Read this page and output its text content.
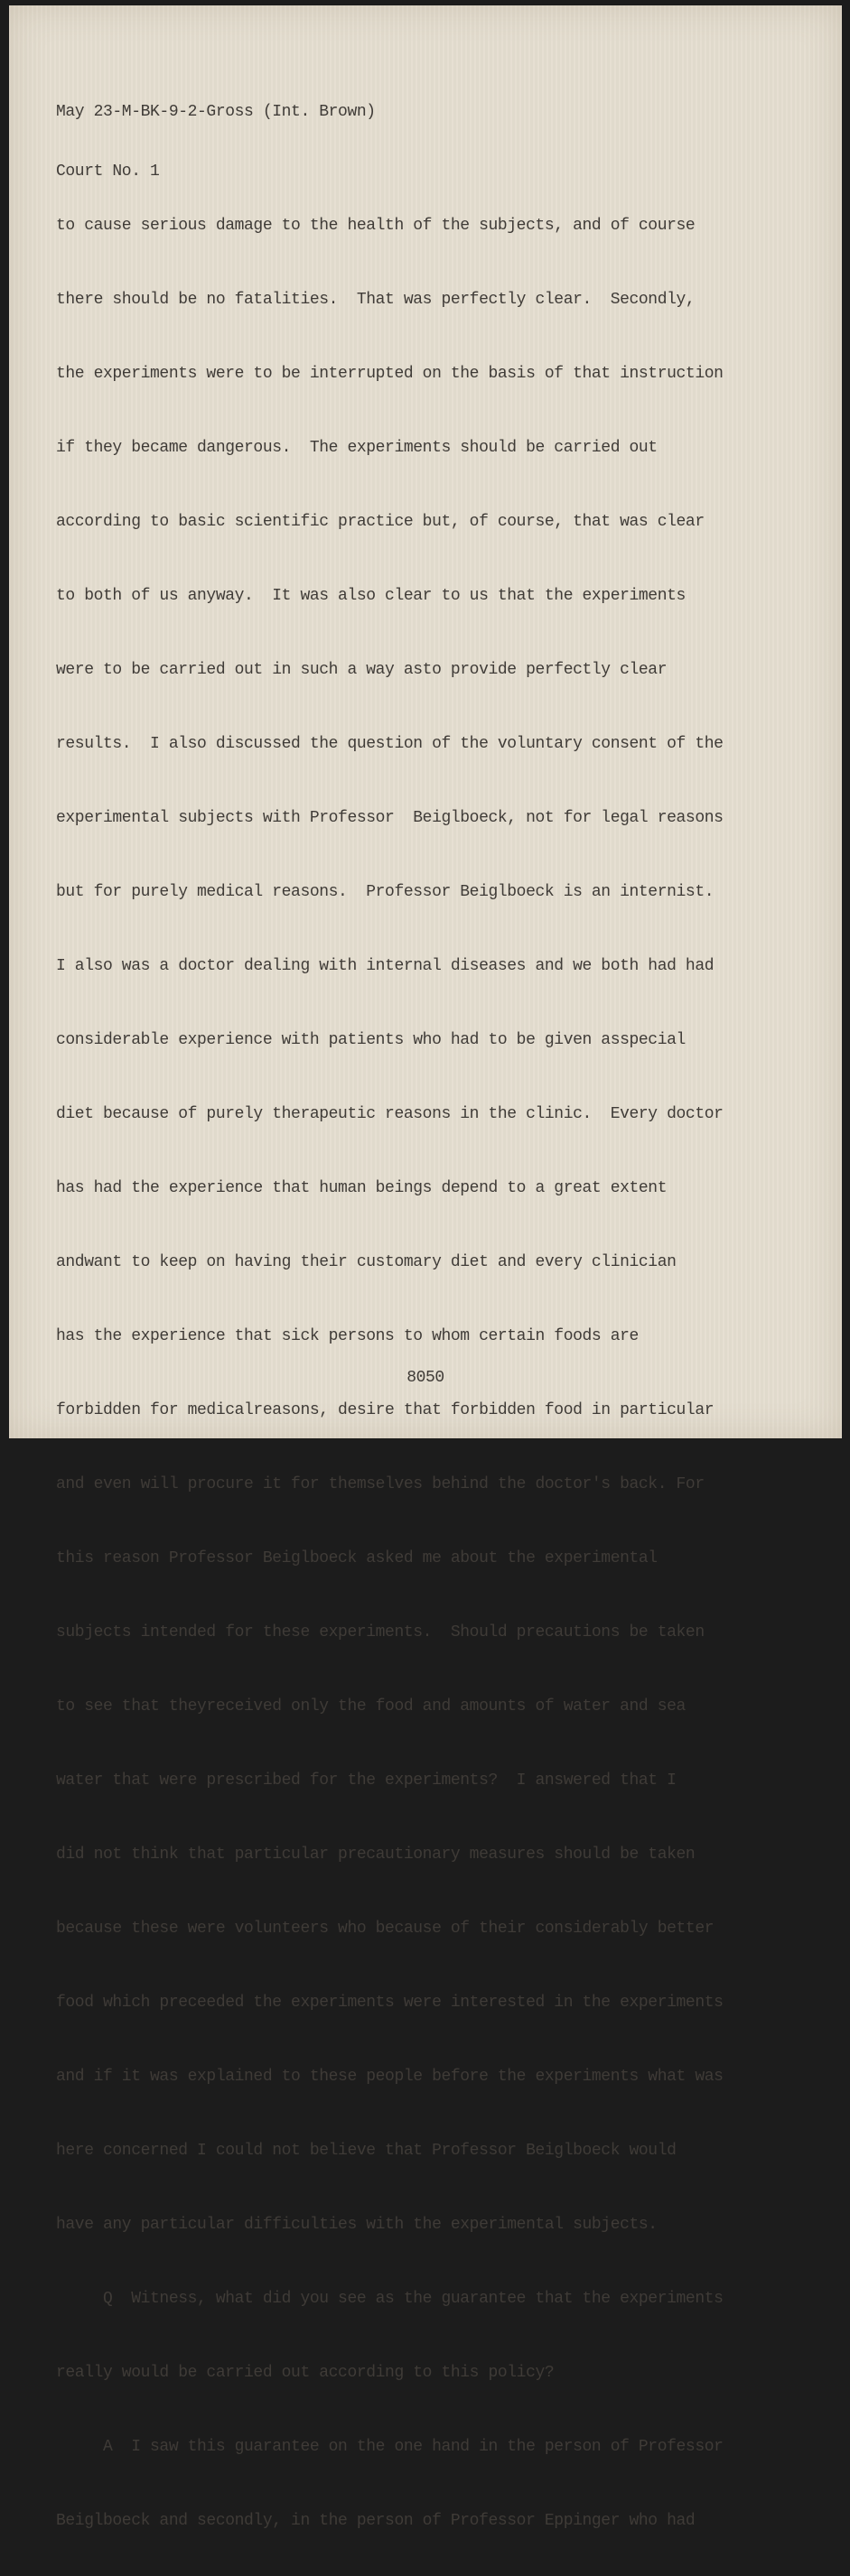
May 23-M-BK-9-2-Gross (Int. Brown)

Court No. 1

to cause serious damage to the health of the subjects, and of course

there should be no fatalities.  That was perfectly clear.  Secondly,

the experiments were to be interrupted on the basis of that instruction

if they became dangerous.  The experiments should be carried out

according to basic scientific practice but, of course, that was clear

to both of us anyway.  It was also clear to us that the experiments

were to be carried out in such a way asto provide perfectly clear

results.  I also discussed the question of the voluntary consent of the

experimental subjects with Professor  Beiglboeck, not for legal reasons

but for purely medical reasons.  Professor Beiglboeck is an internist.

I also was a doctor dealing with internal diseases and we both had had

considerable experience with patients who had to be given asspecial

diet because of purely therapeutic reasons in the clinic.  Every doctor

has had the experience that human beings depend to a great extent

andwant to keep on having their customary diet and every clinician

has the experience that sick persons to whom certain foods are

forbidden for medicalreasons, desire that forbidden food in particular

and even will procure it for themselves behind the doctor's back. For

this reason Professor Beiglboeck asked me about the experimental

subjects intended for these experiments.  Should precautions be taken

to see that theyreceived only the food and amounts of water and sea

water that were prescribed for the experiments?  I answered that I

did not think that particular precautionary measures should be taken

because these were volunteers who because of their considerably better

food which preceeded the experiments were interested in the experiments

and if it was explained to these people before the experiments what was

here concerned I could not believe that Professor Beiglboeck would

have any particular difficulties with the experimental subjects.

Q  Witness, what did you see as the guarantee that the experiments

really would be carried out according to this policy?

A  I saw this guarantee on the one hand in the person of Professor

Beiglboeck and secondly, in the person of Professor Eppinger who had

8050
